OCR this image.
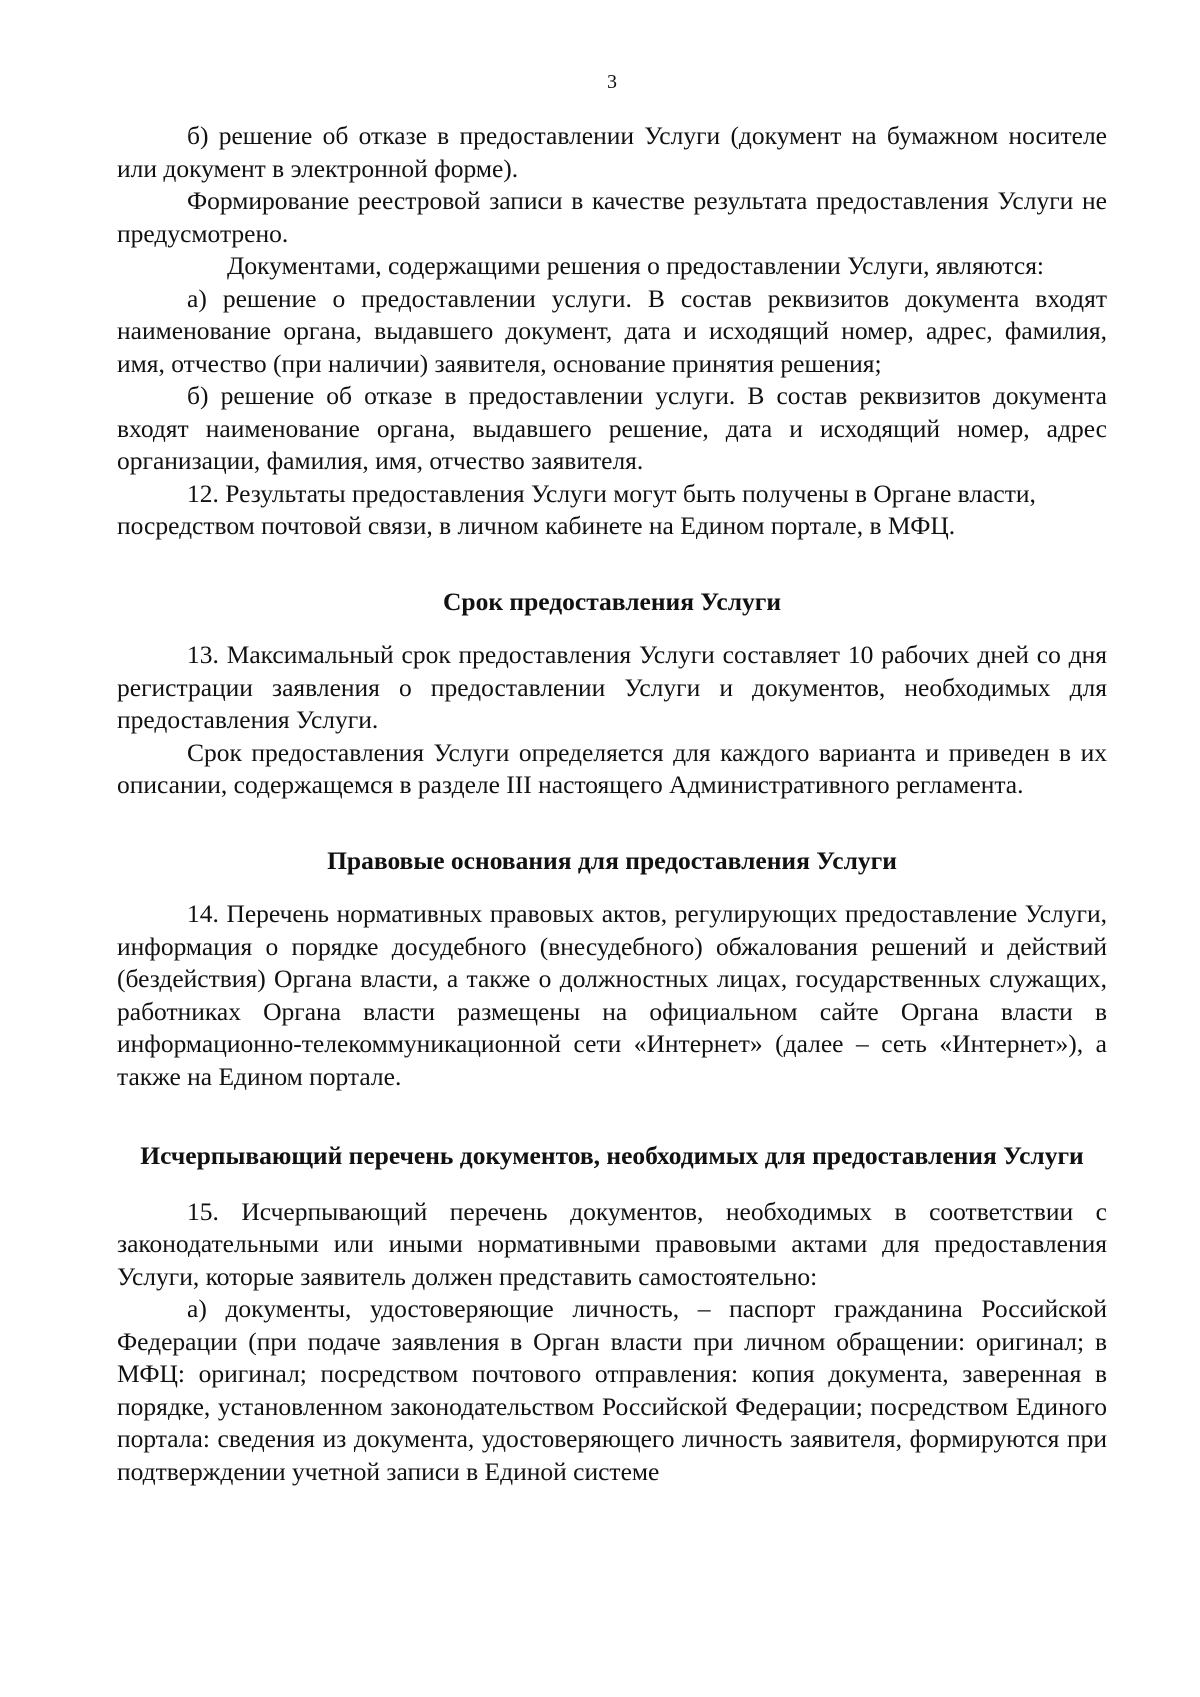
3

б) решение об отказе в предоставлении Услуги (документ на бумажном носителе или документ в электронной форме).

Формирование реестровой записи в качестве результата предоставления Услуги не предусмотрено.

Документами, содержащими решения о предоставлении Услуги, являются:

а) решение о предоставлении услуги. В состав реквизитов документа входят наименование органа, выдавшего документ, дата и исходящий номер, адрес, фамилия, имя, отчество (при наличии) заявителя, основание принятия решения;

б) решение об отказе в предоставлении услуги. В состав реквизитов документа входят наименование органа, выдавшего решение, дата и исходящий номер, адрес организации, фамилия, имя, отчество заявителя.

12. Результаты предоставления Услуги могут быть получены в Органе власти, посредством почтовой связи, в личном кабинете на Едином портале, в МФЦ.

Срок предоставления Услуги

13. Максимальный срок предоставления Услуги составляет 10 рабочих дней со дня регистрации заявления о предоставлении Услуги и документов, необходимых для предоставления Услуги.

Срок предоставления Услуги определяется для каждого варианта и приведен в их описании, содержащемся в разделе III настоящего Административного регламента.

Правовые основания для предоставления Услуги

14. Перечень нормативных правовых актов, регулирующих предоставление Услуги, информация о порядке досудебного (внесудебного) обжалования решений и действий (бездействия) Органа власти, а также о должностных лицах, государственных служащих, работниках Органа власти размещены на официальном сайте Органа власти в информационно-телекоммуникационной сети «Интернет» (далее – сеть «Интернет»), а также на Едином портале.

Исчерпывающий перечень документов, необходимых для предоставления Услуги

15. Исчерпывающий перечень документов, необходимых в соответствии с законодательными или иными нормативными правовыми актами для предоставления Услуги, которые заявитель должен представить самостоятельно:

а) документы, удостоверяющие личность, – паспорт гражданина Российской Федерации (при подаче заявления в Орган власти при личном обращении: оригинал; в МФЦ: оригинал; посредством почтового отправления: копия документа, заверенная в порядке, установленном законодательством Российской Федерации; посредством Единого портала: сведения из документа, удостоверяющего личность заявителя, формируются при подтверждении учетной записи в Единой системе
